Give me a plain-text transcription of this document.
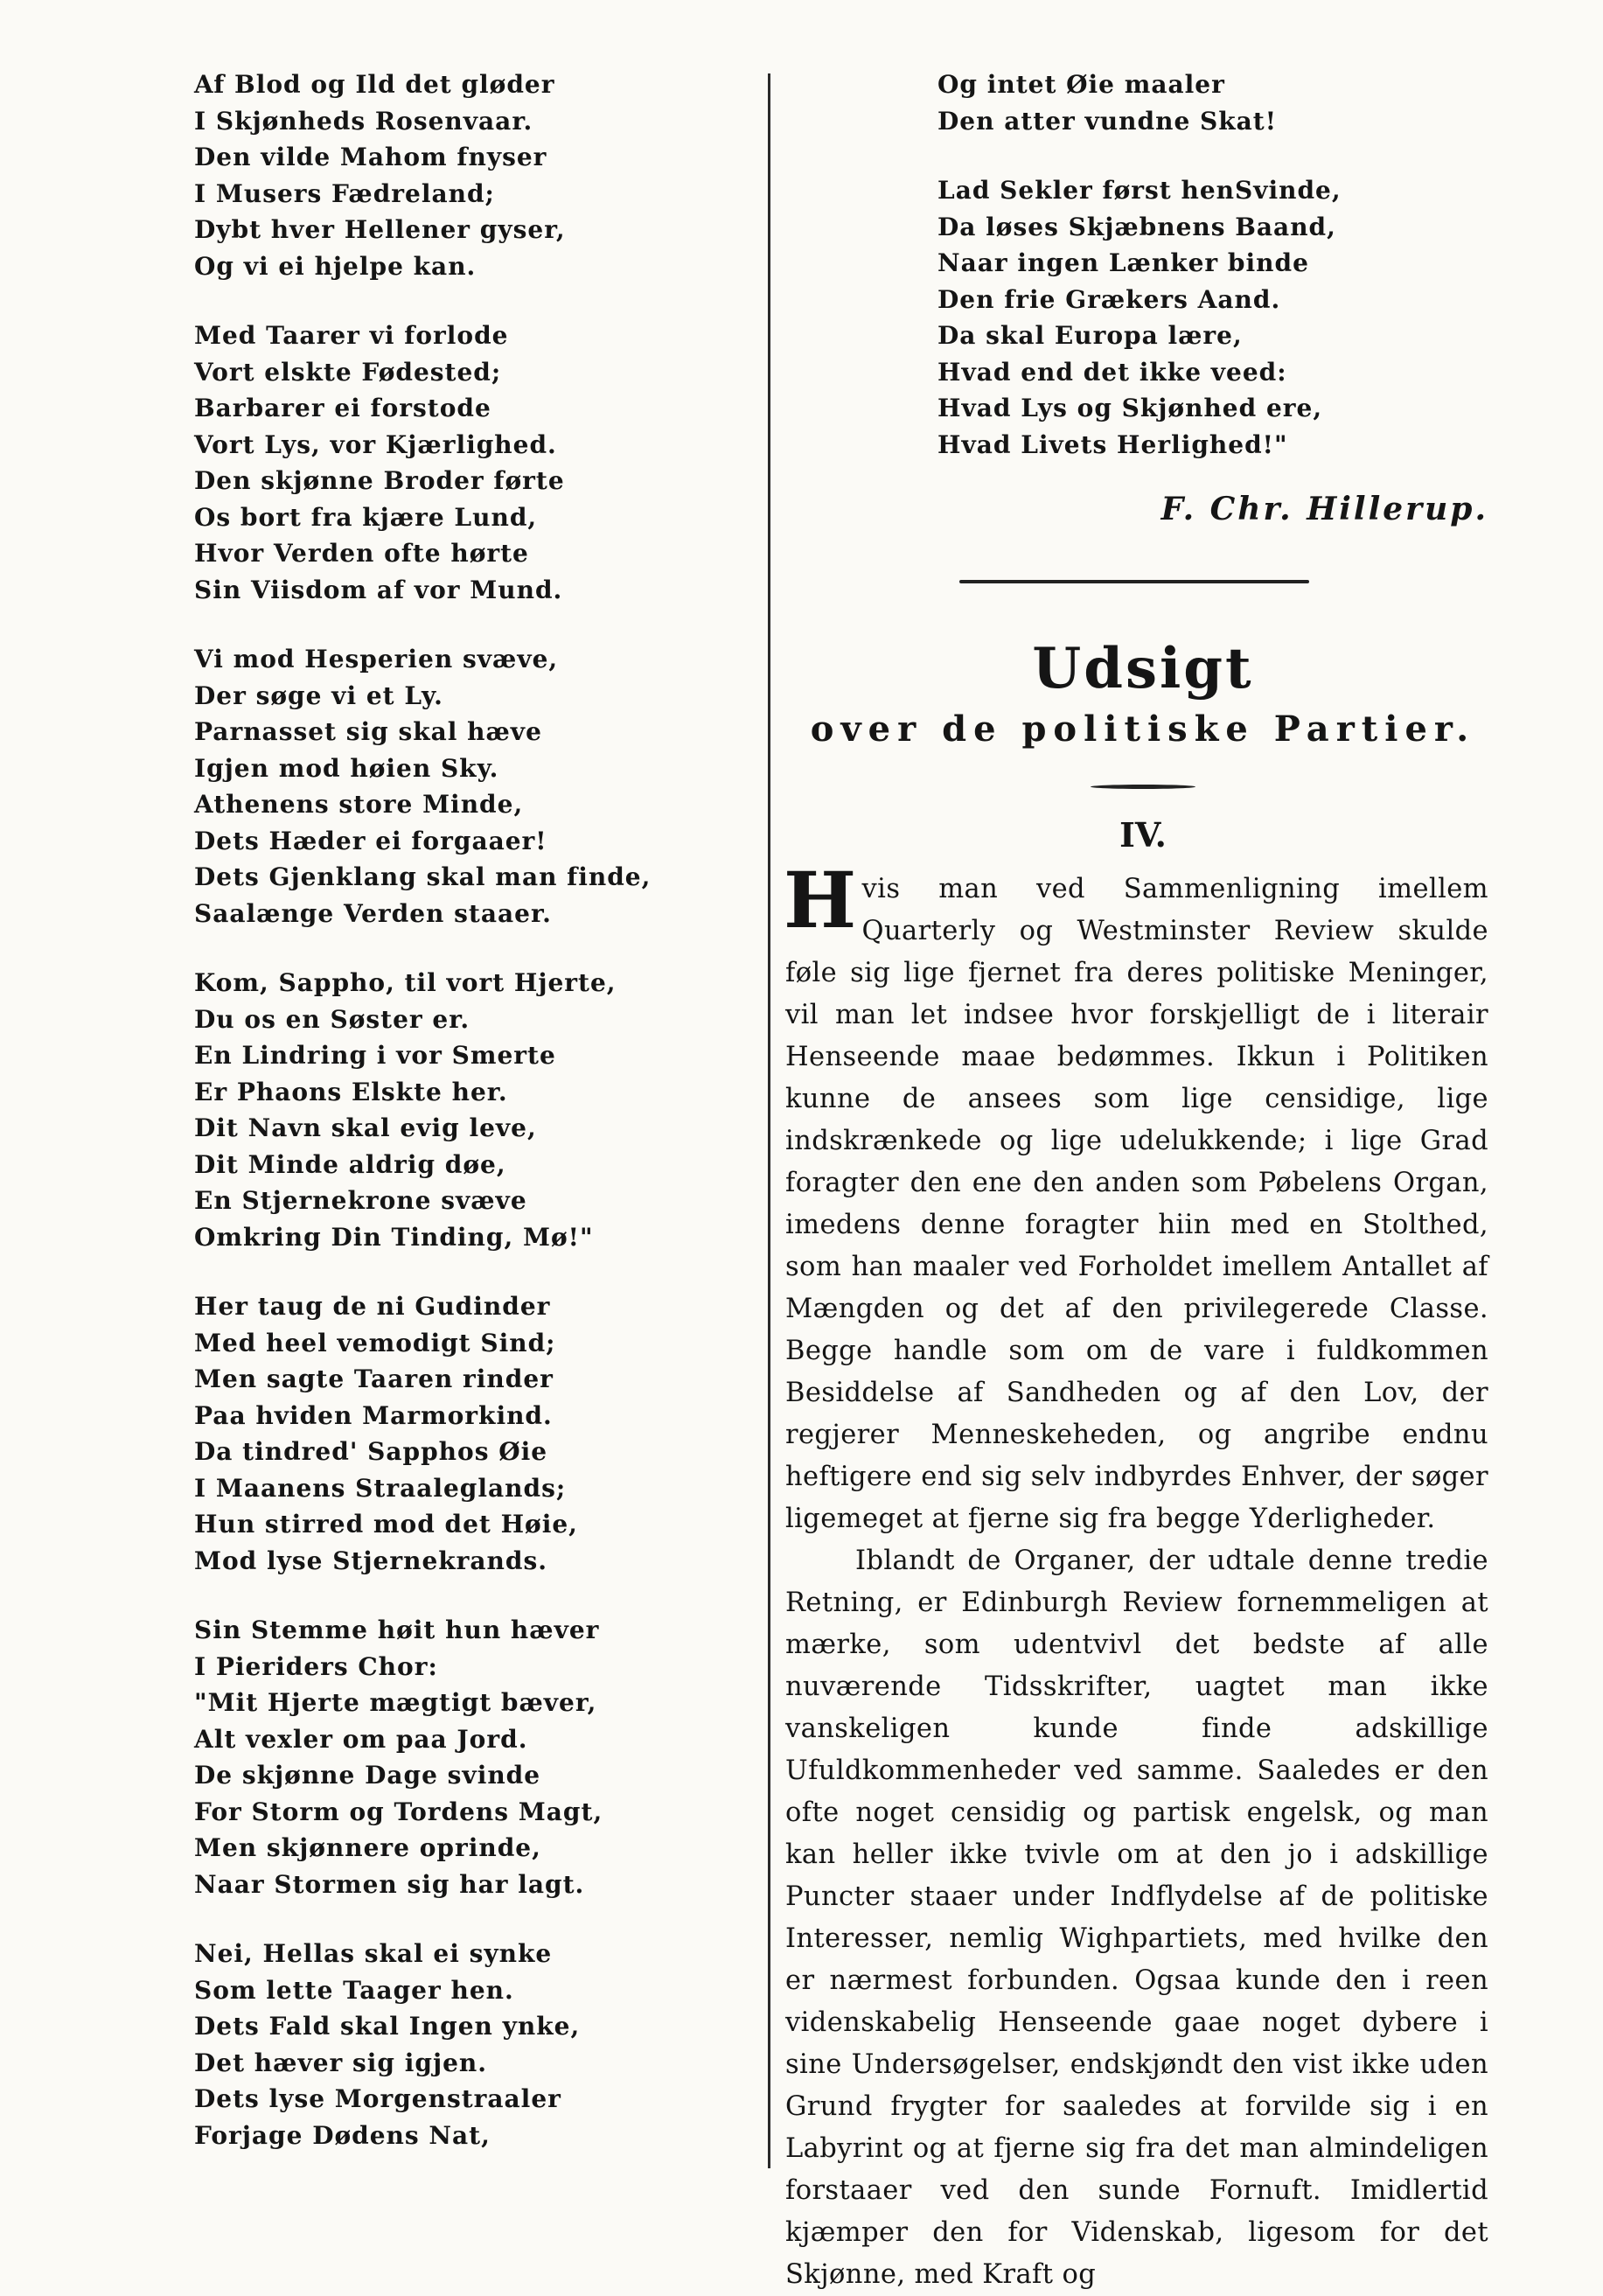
Af Blod og Ild det gløder
I Skjønheds Rosenvaar.
Den vilde Mahom fnyser
I Musers Fædreland;
Dybt hver Hellener gyser,
Og vi ei hjelpe kan.
Med Taarer vi forlode
Vort elskte Fødested;
Barbarer ei forstode
Vort Lys, vor Kjærlighed.
Den skjønne Broder førte
Os bort fra kjære Lund,
Hvor Verden ofte hørte
Sin Viisdom af vor Mund.
Vi mod Hesperien svæve,
Der søge vi et Ly.
Parnasset sig skal hæve
Igjen mod høien Sky.
Athenens store Minde,
Dets Hæder ei forgaaer!
Dets Gjenklang skal man finde,
Saalænge Verden staaer.
Kom, Sappho, til vort Hjerte,
Du os en Søster er.
En Lindring i vor Smerte
Er Phaons Elskte her.
Dit Navn skal evig leve,
Dit Minde aldrig døe,
En Stjernekrone svæve
Omkring Din Tinding, Mø!"
Her taug de ni Gudinder
Med heel vemodigt Sind;
Men sagte Taaren rinder
Paa hviden Marmorkind.
Da tindred' Sapphos Øie
I Maanens Straaleglands;
Hun stirred mod det Høie,
Mod lyse Stjernekrands.
Sin Stemme høit hun hæver
I Pieriders Chor:
"Mit Hjerte mægtigt bæver,
Alt vexler om paa Jord.
De skjønne Dage svinde
For Storm og Tordens Magt,
Men skjønnere oprinde,
Naar Stormen sig har lagt.
Nei, Hellas skal ei synke
Som lette Taager hen.
Dets Fald skal Ingen ynke,
Det hæver sig igjen.
Dets lyse Morgenstraaler
Forjage Dødens Nat,
Og intet Øie maaler
Den atter vundne Skat!
Lad Sekler først henSvinde,
Da løses Skjæbnens Baand,
Naar ingen Lænker binde
Den frie Grækers Aand.
Da skal Europa lære,
Hvad end det ikke veed:
Hvad Lys og Skjønhed ere,
Hvad Livets Herlighed!"
F. Chr. Hillerup.
Udsigt
over de politiske Partier.
IV.

Hvis man ved Sammenligning imellem Quarterly og Westminster Review skulde føle sig lige fjernet fra deres politiske Meninger, vil man let indsee hvor forskjelligt de i literair Henseende maae bedømmes. Ikkun i Politiken kunne de ansees som lige censidige, lige indskrænkede og lige udelukkende; i lige Grad foragter den ene den anden som Pøbelens Organ, imedens denne foragter hiin med en Stolthed, som han maaler ved Forholdet imellem Antallet af Mængden og det af den privilegerede Classe. Begge handle som om de vare i fuldkommen Besiddelse af Sandheden og af den Lov, der regjerer Menneskeheden, og angribe endnu heftigere end sig selv indbyrdes Enhver, der søger ligemeget at fjerne sig fra begge Yderligheder.

Iblandt de Organer, der udtale denne tredie Retning, er Edinburgh Review fornemmeligen at mærke, som udentvivl det bedste af alle nuværende Tidsskrifter, uagtet man ikke vanskeligen kunde finde adskillige Ufuldkommenheder ved samme. Saaledes er den ofte noget censidig og partisk engelsk, og man kan heller ikke tvivle om at den jo i adskillige Puncter staaer under Indflydelse af de politiske Interesser, nemlig Wighpartiets, med hvilke den er nærmest forbunden. Ogsaa kunde den i reen videnskabelig Henseende gaae noget dybere i sine Undersøgelser, endskjøndt den vist ikke uden Grund frygter for saaledes at forvilde sig i en Labyrint og at fjerne sig fra det man almindeligen forstaaer ved den sunde Fornuft. Imidlertid kjæmper den for Videnskab, ligesom for det Skjønne, med Kraft og
